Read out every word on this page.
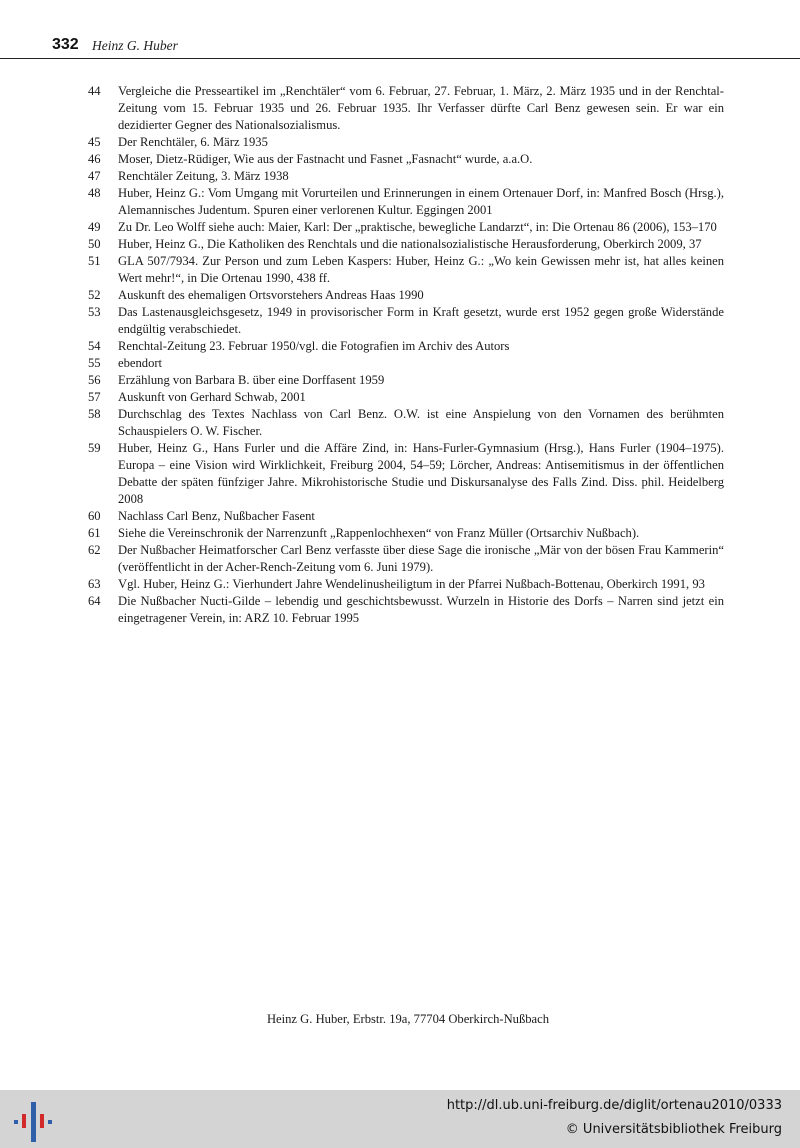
332 Heinz G. Huber
44	Vergleiche die Presseartikel im „Renchtäler“ vom 6. Februar, 27. Februar, 1. März, 2. März 1935 und in der Renchtal-Zeitung vom 15. Februar 1935 und 26. Februar 1935. Ihr Verfasser dürfte Carl Benz gewesen sein. Er war ein dezidierter Gegner des Nationalsozialismus.
45	Der Renchtäler, 6. März 1935
46	Moser, Dietz-Rüdiger, Wie aus der Fastnacht und Fasnet „Fasnacht“ wurde, a.a.O.
47	Renchtäler Zeitung, 3. März 1938
48	Huber, Heinz G.: Vom Umgang mit Vorurteilen und Erinnerungen in einem Ortenauer Dorf, in: Manfred Bosch (Hrsg.), Alemannisches Judentum. Spuren einer verlorenen Kultur. Eggingen 2001
49	Zu Dr. Leo Wolff siehe auch: Maier, Karl: Der „praktische, bewegliche Landarzt“, in: Die Ortenau 86 (2006), 153–170
50	Huber, Heinz G., Die Katholiken des Renchtals und die nationalsozialistische Herausforderung, Oberkirch 2009, 37
51	GLA 507/7934. Zur Person und zum Leben Kaspers: Huber, Heinz G.: „Wo kein Gewissen mehr ist, hat alles keinen Wert mehr!“, in Die Ortenau 1990, 438 ff.
52	Auskunft des ehemaligen Ortsvorstehers Andreas Haas 1990
53	Das Lastenausgleichsgesetz, 1949 in provisorischer Form in Kraft gesetzt, wurde erst 1952 gegen große Widerstände endgültig verabschiedet.
54	Renchtal-Zeitung 23. Februar 1950/vgl. die Fotografien im Archiv des Autors
55	ebendort
56	Erzählung von Barbara B. über eine Dorffasent 1959
57	Auskunft von Gerhard Schwab, 2001
58	Durchschlag des Textes Nachlass von Carl Benz. O.W. ist eine Anspielung von den Vornamen des berühmten Schauspielers O. W. Fischer.
59	Huber, Heinz G., Hans Furler und die Affäre Zind, in: Hans-Furler-Gymnasium (Hrsg.), Hans Furler (1904–1975). Europa – eine Vision wird Wirklichkeit, Freiburg 2004, 54–59; Lörcher, Andreas: Antisemitismus in der öffentlichen Debatte der späten fünfziger Jahre. Mikrohistorische Studie und Diskursanalyse des Falls Zind. Diss. phil. Heidelberg 2008
60	Nachlass Carl Benz, Nußbacher Fasent
61	Siehe die Vereinschronik der Narrenzunft „Rappenlochhexen“ von Franz Müller (Ortsarchiv Nußbach).
62	Der Nußbacher Heimatforscher Carl Benz verfasste über diese Sage die ironische „Mär von der bösen Frau Kammerin“ (veröffentlicht in der Acher-Rench-Zeitung vom 6. Juni 1979).
63	Vgl. Huber, Heinz G.: Vierhundert Jahre Wendelinusheiligtum in der Pfarrei Nußbach-Bottenau, Oberkirch 1991, 93
64	Die Nußbacher Nucti-Gilde – lebendig und geschichtsbewusst. Wurzeln in Historie des Dorfs – Narren sind jetzt ein eingetragener Verein, in: ARZ 10. Februar 1995
Heinz G. Huber, Erbstr. 19a, 77704 Oberkirch-Nußbach
http://dl.ub.uni-freiburg.de/diglit/ortenau2010/0333
© Universitätsbibliothek Freiburg
